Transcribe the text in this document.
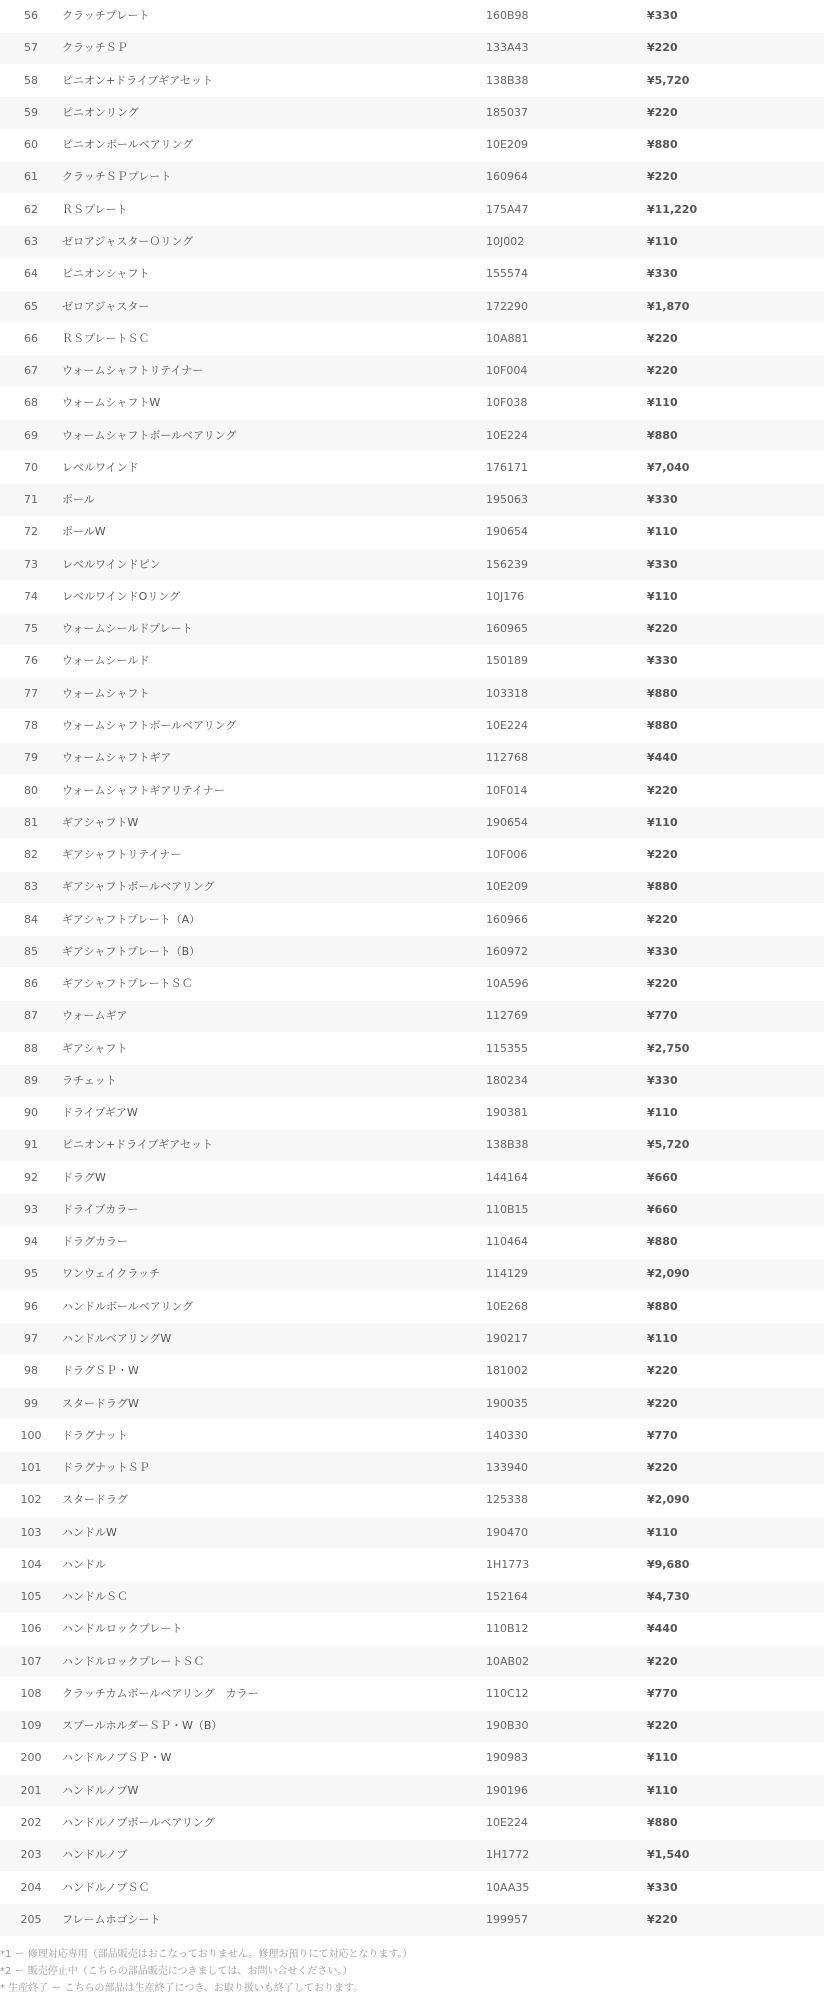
56	クラッチプレート	160B98	¥330
57	クラッチＳＰ	133A43	¥220
58	ピニオン+ドライブギアセット	138B38	¥5,720
59	ピニオンリング	185037	¥220
60	ピニオンボールベアリング	10E209	¥880
61	クラッチＳＰプレート	160964	¥220
62	ＲＳプレート	175A47	¥11,220
63	ゼロアジャスターＯリング	10J002	¥110
64	ピニオンシャフト	155574	¥330
65	ゼロアジャスター	172290	¥1,870
66	ＲＳプレートＳＣ	10A881	¥220
67	ウォームシャフトリテイナー	10F004	¥220
68	ウォームシャフトW	10F038	¥110
69	ウォームシャフトボールベアリング	10E224	¥880
70	レベルワインド	176171	¥7,040
71	ポール	195063	¥330
72	ポールW	190654	¥110
73	レベルワインドピン	156239	¥330
74	レベルワインドOリング	10J176	¥110
75	ウォームシールドプレート	160965	¥220
76	ウォームシールド	150189	¥330
77	ウォームシャフト	103318	¥880
78	ウォームシャフトボールベアリング	10E224	¥880
79	ウォームシャフトギア	112768	¥440
80	ウォームシャフトギアリテイナー	10F014	¥220
81	ギアシャフトW	190654	¥110
82	ギアシャフトリテイナー	10F006	¥220
83	ギアシャフトボールベアリング	10E209	¥880
84	ギアシャフトプレート（A）	160966	¥220
85	ギアシャフトプレート（B）	160972	¥330
86	ギアシャフトプレートＳＣ	10A596	¥220
87	ウォームギア	112769	¥770
88	ギアシャフト	115355	¥2,750
89	ラチェット	180234	¥330
90	ドライブギアW	190381	¥110
91	ピニオン+ドライブギアセット	138B38	¥5,720
92	ドラグW	144164	¥660
93	ドライブカラー	110B15	¥660
94	ドラグカラー	110464	¥880
95	ワンウェイクラッチ	114129	¥2,090
96	ハンドルボールベアリング	10E268	¥880
97	ハンドルベアリングW	190217	¥110
98	ドラグＳＰ・W	181002	¥220
99	スタードラグW	190035	¥220
100	ドラグナット	140330	¥770
101	ドラグナットＳＰ	133940	¥220
102	スタードラグ	125338	¥2,090
103	ハンドルW	190470	¥110
104	ハンドル	1H1773	¥9,680
105	ハンドルＳＣ	152164	¥4,730
106	ハンドルロックプレート	110B12	¥440
107	ハンドルロックプレートＳＣ	10AB02	¥220
108	クラッチカムボールベアリング　カラー	110C12	¥770
109	スプールホルダーＳＰ・W（B）	190B30	¥220
200	ハンドルノブＳＰ・W	190983	¥110
201	ハンドルノブW	190196	¥110
202	ハンドルノブボールベアリング	10E224	¥880
203	ハンドルノブ	1H1772	¥1,540
204	ハンドルノブＳＣ	10AA35	¥330
205	フレームホゴシート	199957	¥220
*1 ー 修理対応専用（部品販売はおこなっておりません。修理お預りにて対応となります。）
*2 ー 販売停止中（こちらの部品販売につきましては、お問い合せください。）
* 生産終了 ー こちらの部品は生産終了につき、お取り扱いも終了しております。
